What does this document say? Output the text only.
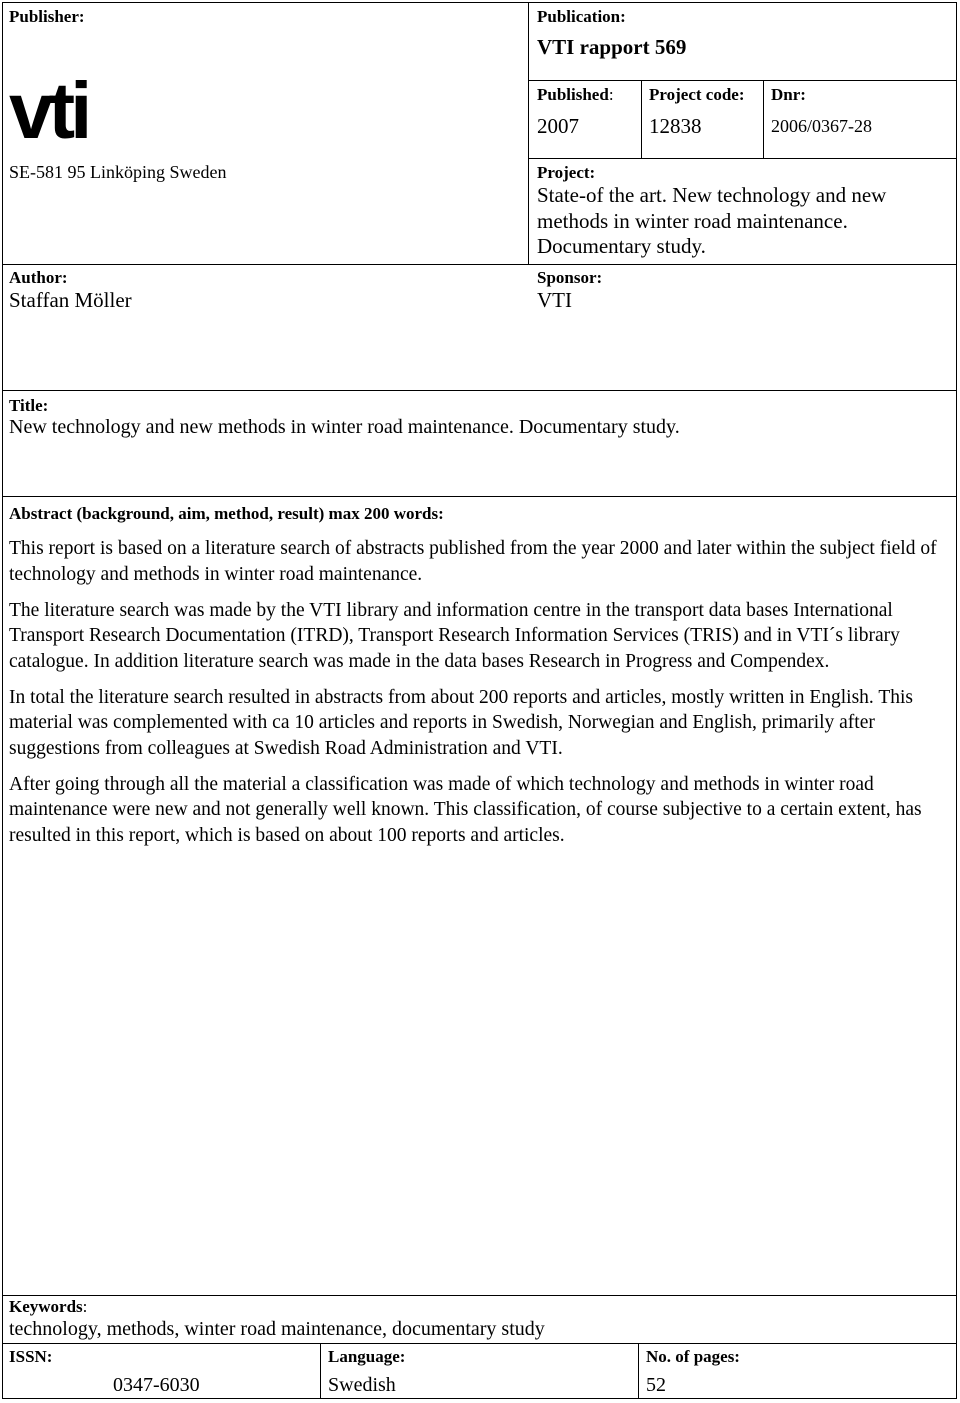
Publisher:
vti
SE-581 95 Linköping Sweden
Author:
Staffan Möller
Publication:
VTI rapport 569
Published:
2007
Project code:
12838
Dnr:
2006/0367-28
Project:
State-of the art. New technology and new methods in winter road maintenance. Documentary study.
Sponsor:
VTI
Title:
New technology and new methods in winter road maintenance. Documentary study.
Abstract (background, aim, method, result) max 200 words:

This report is based on a literature search of abstracts published from the year 2000 and later within the subject field of technology and methods in winter road maintenance.

The literature search was made by the VTI library and information centre in the transport data bases International Transport Research Documentation (ITRD), Transport Research Information Services (TRIS) and in VTI´s library catalogue. In addition literature search was made in the data bases Research in Progress and Compendex.

In total the literature search resulted in abstracts from about 200 reports and articles, mostly written in English. This material was complemented with ca 10 articles and reports in Swedish, Norwegian and English, primarily after suggestions from colleagues at Swedish Road Administration and VTI.

After going through all the material a classification was made of which technology and methods in winter road maintenance were new and not generally well known. This classification, of course subjective to a certain extent, has resulted in this report, which is based on about 100 reports and articles.

Keywords:
technology, methods, winter road maintenance, documentary study
ISSN:
0347-6030
Language:
Swedish
No. of pages:
52
